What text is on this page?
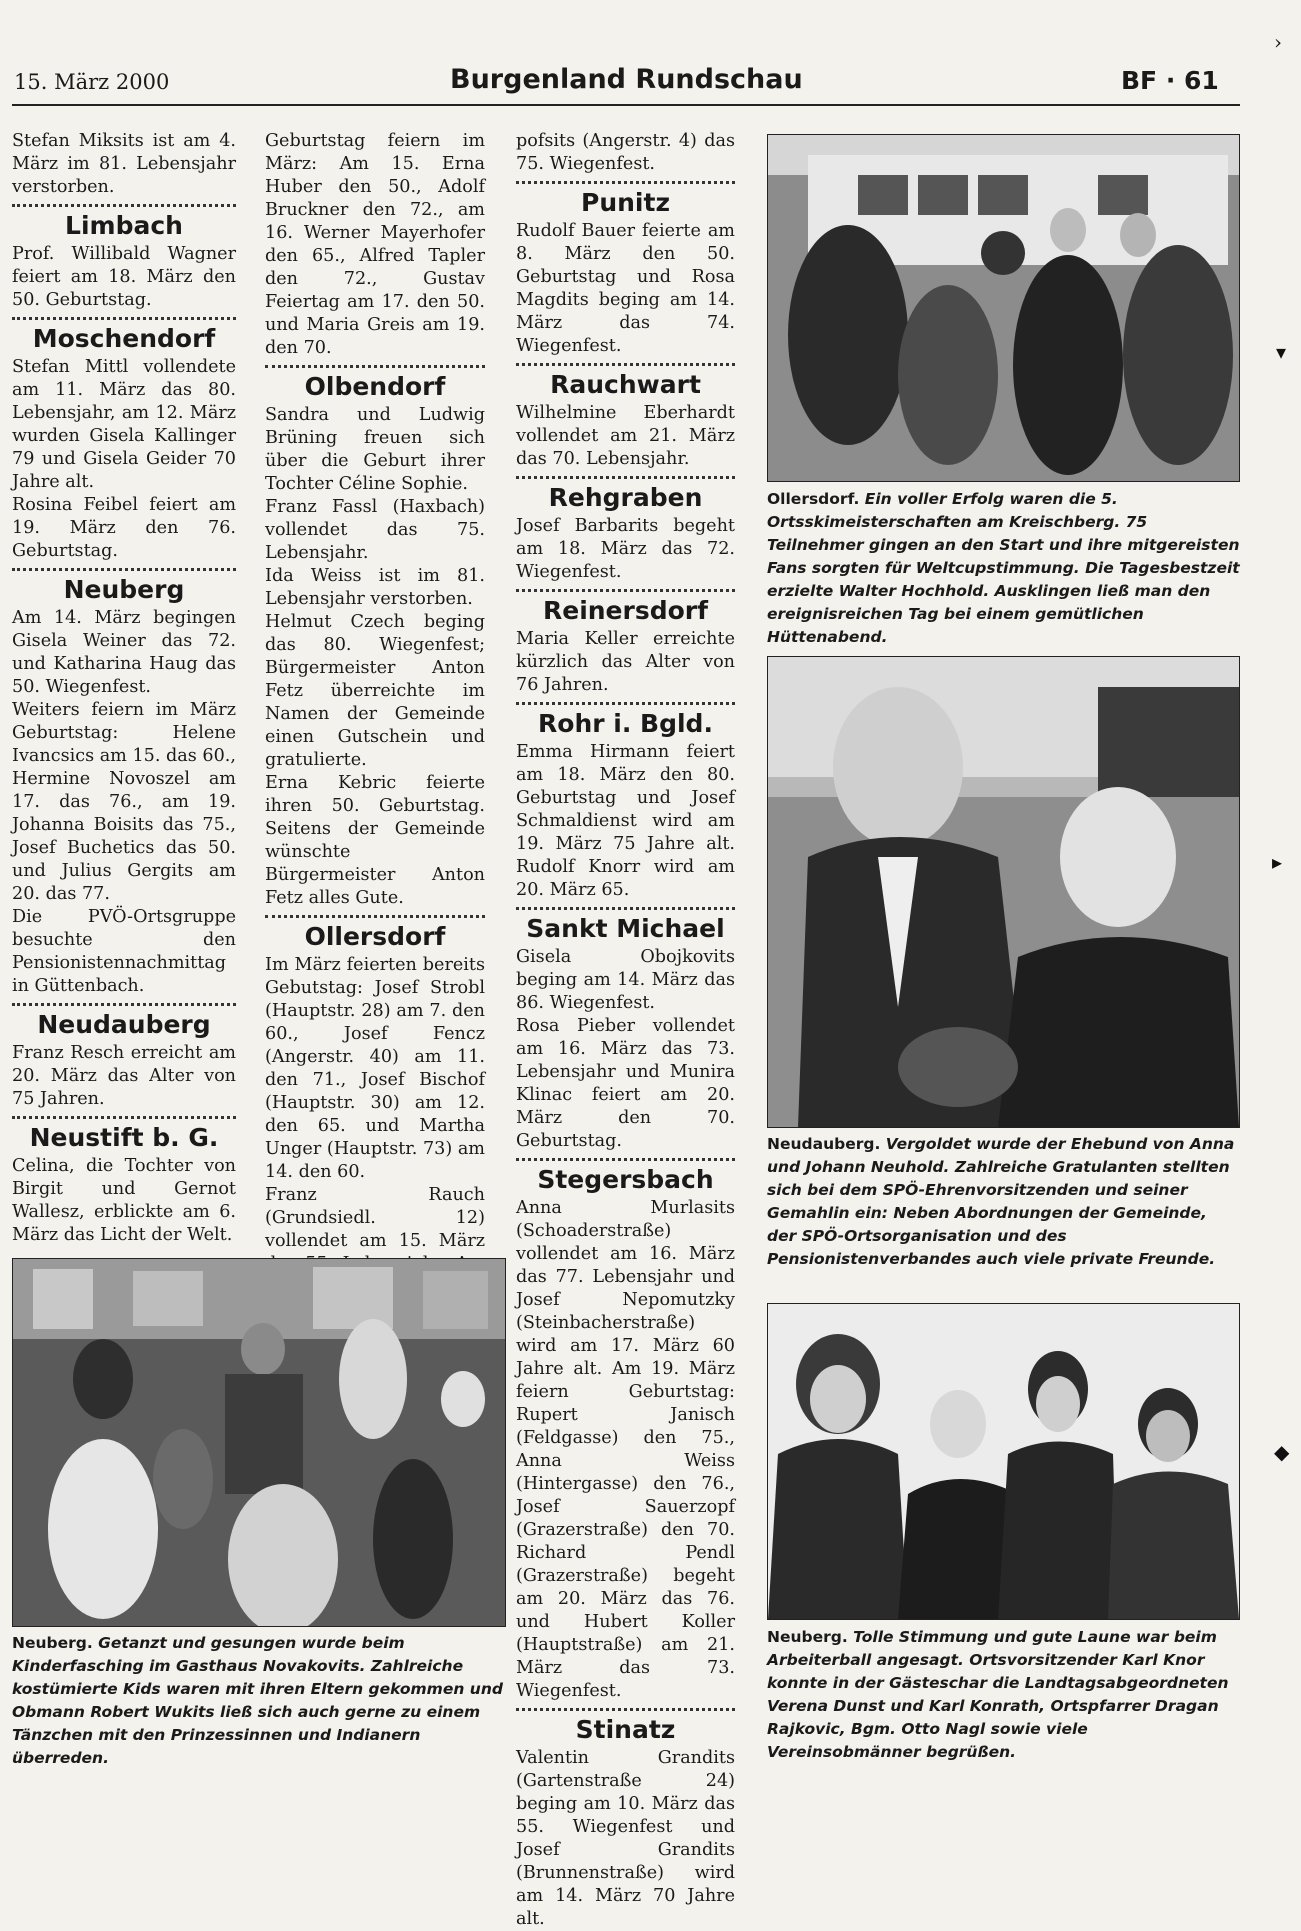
15. März 2000	Burgenland Rundschau	BF · 61

Stefan Miksits ist am 4. März im 81. Lebensjahr verstorben.

Limbach

Prof. Willibald Wagner feiert am 18. März den 50. Geburtstag.

Moschendorf

Stefan Mittl vollendete am 11. März das 80. Lebensjahr, am 12. März wurden Gisela Kallinger 79 und Gisela Geider 70 Jahre alt.

Rosina Feibel feiert am 19. März den 76. Geburtstag.

Neuberg

Am 14. März begingen Gisela Weiner das 72. und Katharina Haug das 50. Wiegenfest.

Weiters feiern im März Geburtstag: Helene Ivancsics am 15. das 60., Hermine Novoszel am 17. das 76., am 19. Johanna Boisits das 75., Josef Buchetics das 50. und Julius Gergits am 20. das 77.

Die PVÖ-Ortsgruppe besuchte den Pensionistennachmittag in Güttenbach.

Neudauberg

Franz Resch erreicht am 20. März das Alter von 75 Jahren.

Neustift b. G.

Celina, die Tochter von Birgit und Gernot Wallesz, erblickte am 6. März das Licht der Welt.

Geburtstag feiern im März: Am 15. Erna Huber den 50., Adolf Bruckner den 72., am 16. Werner Mayerhofer den 65., Alfred Tapler den 72., Gustav Feiertag am 17. den 50. und Maria Greis am 19. den 70.

Olbendorf

Sandra und Ludwig Brüning freuen sich über die Geburt ihrer Tochter Céline Sophie.

Franz Fassl (Haxbach) vollendet das 75. Lebensjahr.

Ida Weiss ist im 81. Lebensjahr verstorben.

Helmut Czech beging das 80. Wiegenfest; Bürgermeister Anton Fetz überreichte im Namen der Gemeinde einen Gutschein und gratulierte.

Erna Kebric feierte ihren 50. Geburtstag. Seitens der Gemeinde wünschte Bürgermeister Anton Fetz alles Gute.

Ollersdorf

Im März feierten bereits Gebutstag: Josef Strobl (Hauptstr. 28) am 7. den 60., Josef Fencz (Angerstr. 40) am 11. den 71., Josef Bischof (Hauptstr. 30) am 12. den 65. und Martha Unger (Hauptstr. 73) am 14. den 60.

Franz Rauch (Grundsiedl. 12) vollendet am 15. März

pofsits (Angerstr. 4) das 75. Wiegenfest.

Punitz

Rudolf Bauer feierte am 8. März den 50. Geburtstag und Rosa Magdits beging am 14. März das 74. Wiegenfest.

Rauchwart

Wilhelmine Eberhardt vollendet am 21. März das 70. Lebensjahr.

Rehgraben

Josef Barbarits begeht am 18. März das 72. Wiegenfest.

Reinersdorf

Maria Keller erreichte kürzlich das Alter von 76 Jahren.

Rohr i. Bgld.

Emma Hirmann feiert am 18. März den 80. Geburtstag und Josef Schmaldienst wird am 19. März 75 Jahre alt. Rudolf Knorr wird am 20. März 65.

Sankt Michael

Gisela Obojkovits beging am 14. März das 86. Wiegenfest.

Rosa Pieber vollendet am 16. März das 73. Lebensjahr und Munira Klinac feiert am 20. März den 70. Geburtstag.

Stegersbach

Anna Murlasits (Schoaderstraße) vollendet am 16. März das 77. Lebensjahr und Josef Nepomutzky (Steinbacherstraße) wird am 17. März 60 Jahre alt. Am 19. März feiern Geburtstag: Rupert Janisch (Feldgasse) den 75., Anna Weiss (Hintergasse) den 76., Josef Sauerzopf (Grazerstraße) den 70. Richard Pendl (Grazerstraße) begeht am 20. März das 76. und Hubert Koller (Hauptstraße) am 21. März das 73. Wiegenfest.

Stinatz

Valentin Grandits (Gartenstraße 24) beging am 10. März das 55. Wiegenfest und Josef Grandits (Brunnenstraße) wird am 14. März 70 Jahre alt.

Neuberg. Getanzt und gesungen wurde beim Kinderfasching im Gasthaus Novakovits. Zahlreiche kostümierte Kids waren mit ihren Eltern gekommen und Obmann Robert Wukits ließ sich auch gerne zu einem Tänzchen mit den Prinzessinnen und Indianern überreden.
Ollersdorf. Ein voller Erfolg waren die 5. Ortsskimeisterschaften am Kreischberg. 75 Teilnehmer gingen an den Start und ihre mitgereisten Fans sorgten für Weltcupstimmung. Die Tagesbestzeit erzielte Walter Hochhold. Ausklingen ließ man den ereignisreichen Tag bei einem gemütlichen Hüttenabend.
Neudauberg. Vergoldet wurde der Ehebund von Anna und Johann Neuhold. Zahlreiche Gratulanten stellten sich bei dem SPÖ-Ehrenvorsitzenden und seiner Gemahlin ein: Neben Abordnungen der Gemeinde, der SPÖ-Ortsorganisation und des Pensionistenverbandes auch viele private Freunde.
Neuberg. Tolle Stimmung und gute Laune war beim Arbeiterball angesagt. Ortsvorsitzender Karl Knor konnte in der Gästeschar die Landtagsabgeordneten Verena Dunst und Karl Konrath, Ortspfarrer Dragan Rajkovic, Bgm. Otto Nagl sowie viele Vereinsobmänner begrüßen.
›
▾
▸
◆
